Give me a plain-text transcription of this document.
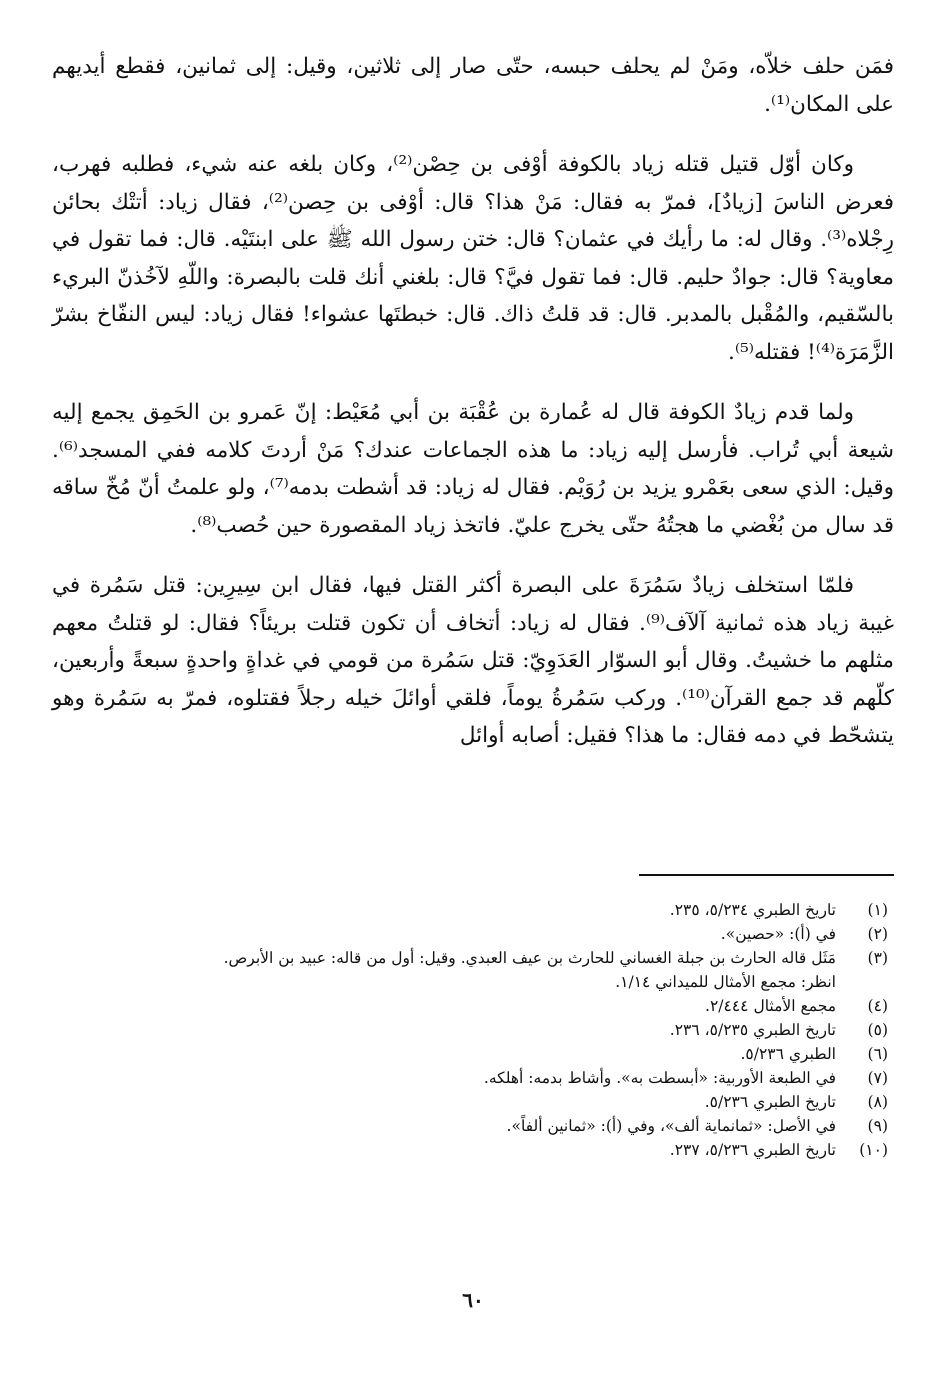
فمَن حلف خلاّه، ومَنْ لم يحلف حبسه، حتّى صار إلى ثلاثين، وقيل: إلى ثمانين، فقطع أيديهم على المكان⁽¹⁾.

وكان أوّل قتيل قتله زياد بالكوفة أوْفى بن حِصْن⁽²⁾، وكان بلغه عنه شيء، فطلبه فهرب، فعرض الناسَ [زيادٌ]، فمرّ به فقال: مَنْ هذا؟ قال: أوْفى بن حِصن⁽²⁾، فقال زياد: أتتْك بحائن رِجْلاه⁽³⁾. وقال له: ما رأيك في عثمان؟ قال: ختن رسول الله ﷺ على ابنتَيْه. قال: فما تقول في معاوية؟ قال: جوادٌ حليم. قال: فما تقول فيَّ؟ قال: بلغني أنك قلت بالبصرة: واللّهِ لآخُذنّ البريء بالسّقيم، والمُقْبل بالمدبر. قال: قد قلتُ ذاك. قال: خبطتَها عشواء! فقال زياد: ليس النفّاخ بشرّ الزَّمَرَة⁽⁴⁾! فقتله⁽⁵⁾.

ولما قدم زيادٌ الكوفة قال له عُمارة بن عُقْبَة بن أبي مُعَيْط: إنّ عَمرو بن الحَمِق يجمع إليه شيعة أبي تُراب. فأرسل إليه زياد: ما هذه الجماعات عندك؟ مَنْ أردتَ كلامه ففي المسجد⁽⁶⁾. وقيل: الذي سعى بعَمْرو يزيد بن رُوَيْم. فقال له زياد: قد أشطت بدمه⁽⁷⁾، ولو علمتُ أنّ مُخّ ساقه قد سال من بُغْضي ما هجتُهُ حتّى يخرج عليّ. فاتخذ زياد المقصورة حين حُصب⁽⁸⁾.

فلمّا استخلف زيادٌ سَمُرَةَ على البصرة أكثر القتل فيها، فقال ابن سِيرِين: قتل سَمُرة في غيبة زياد هذه ثمانية آلآف⁽⁹⁾. فقال له زياد: أتخاف أن تكون قتلت بريئاً؟ فقال: لو قتلتُ معهم مثلهم ما خشيتُ. وقال أبو السوّار العَدَوِيّ: قتل سَمُرة من قومي في غداةٍ واحدةٍ سبعةً وأربعين، كلّهم قد جمع القرآن⁽¹⁰⁾. وركب سَمُرةُ يوماً، فلقي أوائلَ خيله رجلاً فقتلوه، فمرّ به سَمُرة وهو يتشحّط في دمه فقال: ما هذا؟ فقيل: أصابه أوائل

(١)
تاريخ الطبري ٥/٢٣٤، ٢٣٥.
(٢)
في (أ): «حصين».
(٣)
مَثَل قاله الحارث بن جبلة الغساني للحارث بن عيف العبدي. وقيل: أول من قاله: عبيد بن الأبرص.
انظر: مجمع الأمثال للميداني ١/١٤.
(٤)
مجمع الأمثال ٢/٤٤٤.
(٥)
تاريخ الطبري ٥/٢٣٥، ٢٣٦.
(٦)
الطبري ٥/٢٣٦.
(٧)
في الطبعة الأوربية: «أبسطت به». وأشاط بدمه: أهلكه.
(٨)
تاريخ الطبري ٥/٢٣٦.
(٩)
في الأصل: «ثمانماية ألف»، وفي (أ): «ثمانين ألفاً».
(١٠)
تاريخ الطبري ٥/٢٣٦، ٢٣٧.
٦٠
